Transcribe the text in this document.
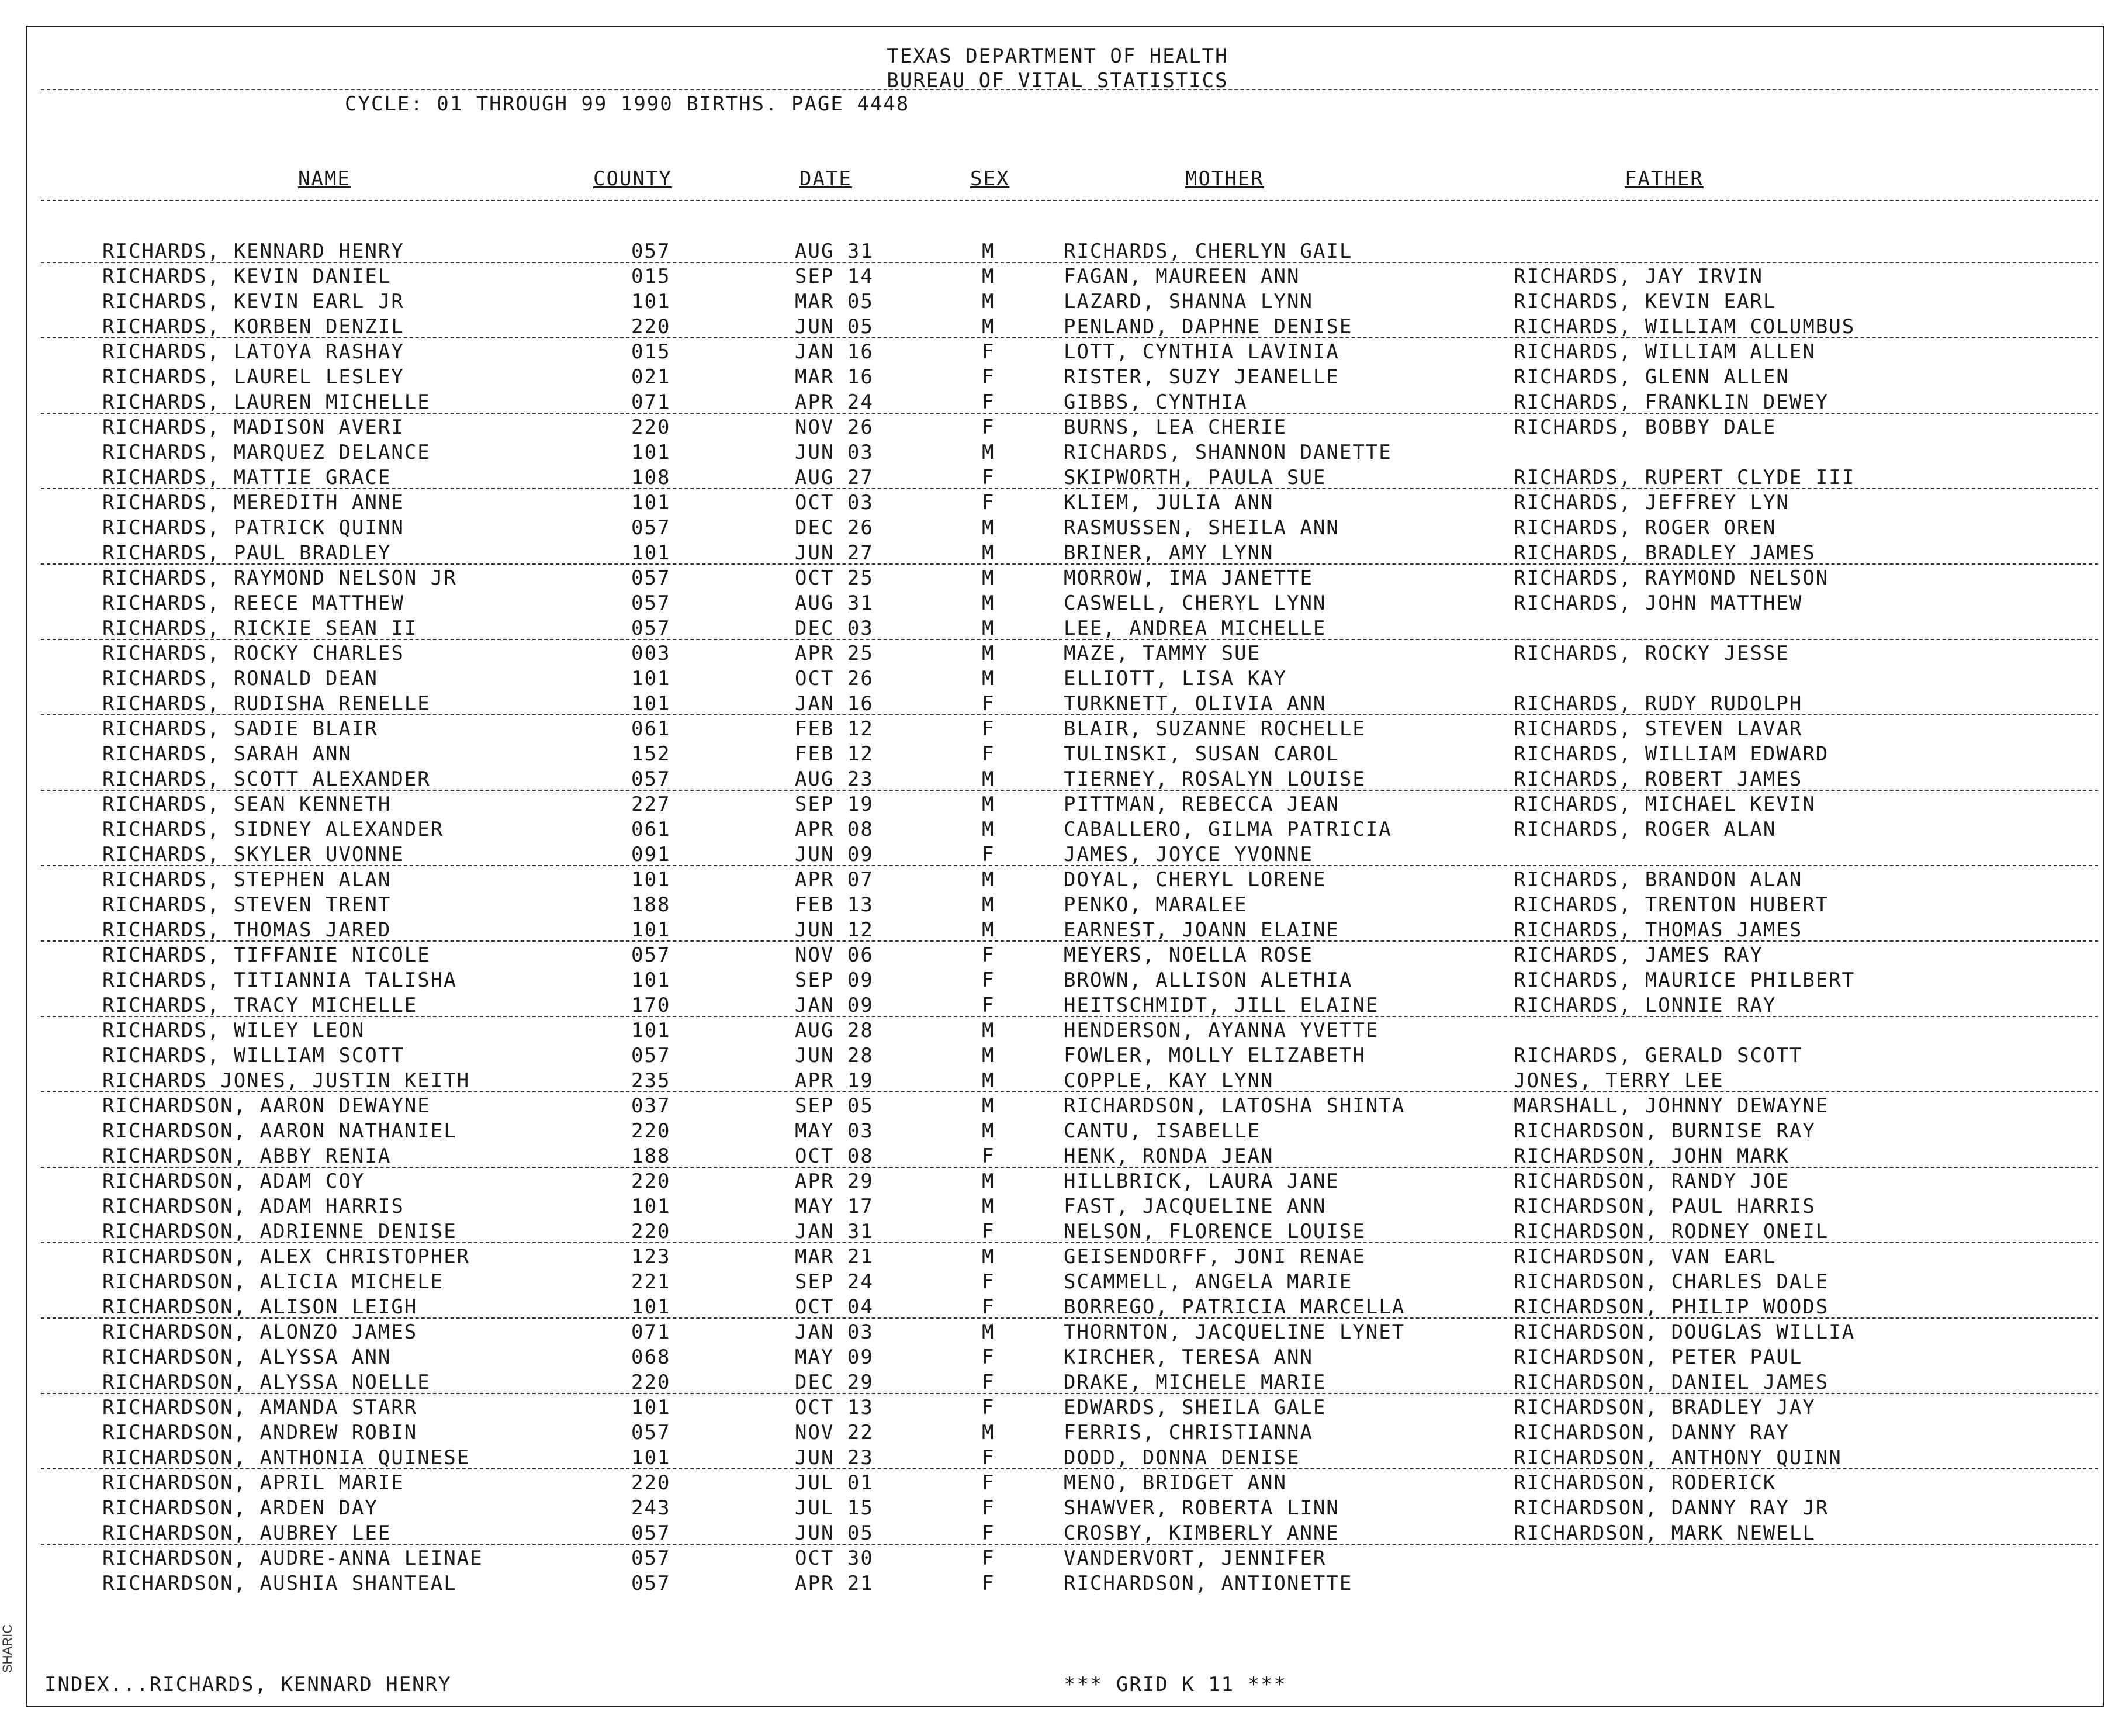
SHARIC
TEXAS DEPARTMENT OF HEALTH
BUREAU OF VITAL STATISTICS
CYCLE: 01 THROUGH 99 1990 BIRTHS. PAGE 4448
NAME	COUNTY	DATE	SEX	MOTHER	FATHER
RICHARDS, KENNARD HENRY	057	AUG 31	M	RICHARDS, CHERLYN GAIL
RICHARDS, KEVIN DANIEL	015	SEP 14	M	FAGAN, MAUREEN ANN	RICHARDS, JAY IRVIN
RICHARDS, KEVIN EARL JR	101	MAR 05	M	LAZARD, SHANNA LYNN	RICHARDS, KEVIN EARL
RICHARDS, KORBEN DENZIL	220	JUN 05	M	PENLAND, DAPHNE DENISE	RICHARDS, WILLIAM COLUMBUS
RICHARDS, LATOYA RASHAY	015	JAN 16	F	LOTT, CYNTHIA LAVINIA	RICHARDS, WILLIAM ALLEN
RICHARDS, LAUREL LESLEY	021	MAR 16	F	RISTER, SUZY JEANELLE	RICHARDS, GLENN ALLEN
RICHARDS, LAUREN MICHELLE	071	APR 24	F	GIBBS, CYNTHIA	RICHARDS, FRANKLIN DEWEY
RICHARDS, MADISON AVERI	220	NOV 26	F	BURNS, LEA CHERIE	RICHARDS, BOBBY DALE
RICHARDS, MARQUEZ DELANCE	101	JUN 03	M	RICHARDS, SHANNON DANETTE
RICHARDS, MATTIE GRACE	108	AUG 27	F	SKIPWORTH, PAULA SUE	RICHARDS, RUPERT CLYDE III
RICHARDS, MEREDITH ANNE	101	OCT 03	F	KLIEM, JULIA ANN	RICHARDS, JEFFREY LYN
RICHARDS, PATRICK QUINN	057	DEC 26	M	RASMUSSEN, SHEILA ANN	RICHARDS, ROGER OREN
RICHARDS, PAUL BRADLEY	101	JUN 27	M	BRINER, AMY LYNN	RICHARDS, BRADLEY JAMES
RICHARDS, RAYMOND NELSON JR	057	OCT 25	M	MORROW, IMA JANETTE	RICHARDS, RAYMOND NELSON
RICHARDS, REECE MATTHEW	057	AUG 31	M	CASWELL, CHERYL LYNN	RICHARDS, JOHN MATTHEW
RICHARDS, RICKIE SEAN II	057	DEC 03	M	LEE, ANDREA MICHELLE
RICHARDS, ROCKY CHARLES	003	APR 25	M	MAZE, TAMMY SUE	RICHARDS, ROCKY JESSE
RICHARDS, RONALD DEAN	101	OCT 26	M	ELLIOTT, LISA KAY
RICHARDS, RUDISHA RENELLE	101	JAN 16	F	TURKNETT, OLIVIA ANN	RICHARDS, RUDY RUDOLPH
RICHARDS, SADIE BLAIR	061	FEB 12	F	BLAIR, SUZANNE ROCHELLE	RICHARDS, STEVEN LAVAR
RICHARDS, SARAH ANN	152	FEB 12	F	TULINSKI, SUSAN CAROL	RICHARDS, WILLIAM EDWARD
RICHARDS, SCOTT ALEXANDER	057	AUG 23	M	TIERNEY, ROSALYN LOUISE	RICHARDS, ROBERT JAMES
RICHARDS, SEAN KENNETH	227	SEP 19	M	PITTMAN, REBECCA JEAN	RICHARDS, MICHAEL KEVIN
RICHARDS, SIDNEY ALEXANDER	061	APR 08	M	CABALLERO, GILMA PATRICIA	RICHARDS, ROGER ALAN
RICHARDS, SKYLER UVONNE	091	JUN 09	F	JAMES, JOYCE YVONNE
RICHARDS, STEPHEN ALAN	101	APR 07	M	DOYAL, CHERYL LORENE	RICHARDS, BRANDON ALAN
RICHARDS, STEVEN TRENT	188	FEB 13	M	PENKO, MARALEE	RICHARDS, TRENTON HUBERT
RICHARDS, THOMAS JARED	101	JUN 12	M	EARNEST, JOANN ELAINE	RICHARDS, THOMAS JAMES
RICHARDS, TIFFANIE NICOLE	057	NOV 06	F	MEYERS, NOELLA ROSE	RICHARDS, JAMES RAY
RICHARDS, TITIANNIA TALISHA	101	SEP 09	F	BROWN, ALLISON ALETHIA	RICHARDS, MAURICE PHILBERT
RICHARDS, TRACY MICHELLE	170	JAN 09	F	HEITSCHMIDT, JILL ELAINE	RICHARDS, LONNIE RAY
RICHARDS, WILEY LEON	101	AUG 28	M	HENDERSON, AYANNA YVETTE
RICHARDS, WILLIAM SCOTT	057	JUN 28	M	FOWLER, MOLLY ELIZABETH	RICHARDS, GERALD SCOTT
RICHARDS JONES, JUSTIN KEITH	235	APR 19	M	COPPLE, KAY LYNN	JONES, TERRY LEE
RICHARDSON, AARON DEWAYNE	037	SEP 05	M	RICHARDSON, LATOSHA SHINTA	MARSHALL, JOHNNY DEWAYNE
RICHARDSON, AARON NATHANIEL	220	MAY 03	M	CANTU, ISABELLE	RICHARDSON, BURNISE RAY
RICHARDSON, ABBY RENIA	188	OCT 08	F	HENK, RONDA JEAN	RICHARDSON, JOHN MARK
RICHARDSON, ADAM COY	220	APR 29	M	HILLBRICK, LAURA JANE	RICHARDSON, RANDY JOE
RICHARDSON, ADAM HARRIS	101	MAY 17	M	FAST, JACQUELINE ANN	RICHARDSON, PAUL HARRIS
RICHARDSON, ADRIENNE DENISE	220	JAN 31	F	NELSON, FLORENCE LOUISE	RICHARDSON, RODNEY ONEIL
RICHARDSON, ALEX CHRISTOPHER	123	MAR 21	M	GEISENDORFF, JONI RENAE	RICHARDSON, VAN EARL
RICHARDSON, ALICIA MICHELE	221	SEP 24	F	SCAMMELL, ANGELA MARIE	RICHARDSON, CHARLES DALE
RICHARDSON, ALISON LEIGH	101	OCT 04	F	BORREGO, PATRICIA MARCELLA	RICHARDSON, PHILIP WOODS
RICHARDSON, ALONZO JAMES	071	JAN 03	M	THORNTON, JACQUELINE LYNET	RICHARDSON, DOUGLAS WILLIA
RICHARDSON, ALYSSA ANN	068	MAY 09	F	KIRCHER, TERESA ANN	RICHARDSON, PETER PAUL
RICHARDSON, ALYSSA NOELLE	220	DEC 29	F	DRAKE, MICHELE MARIE	RICHARDSON, DANIEL JAMES
RICHARDSON, AMANDA STARR	101	OCT 13	F	EDWARDS, SHEILA GALE	RICHARDSON, BRADLEY JAY
RICHARDSON, ANDREW ROBIN	057	NOV 22	M	FERRIS, CHRISTIANNA	RICHARDSON, DANNY RAY
RICHARDSON, ANTHONIA QUINESE	101	JUN 23	F	DODD, DONNA DENISE	RICHARDSON, ANTHONY QUINN
RICHARDSON, APRIL MARIE	220	JUL 01	F	MENO, BRIDGET ANN	RICHARDSON, RODERICK
RICHARDSON, ARDEN DAY	243	JUL 15	F	SHAWVER, ROBERTA LINN	RICHARDSON, DANNY RAY JR
RICHARDSON, AUBREY LEE	057	JUN 05	F	CROSBY, KIMBERLY ANNE	RICHARDSON, MARK NEWELL
RICHARDSON, AUDRE-ANNA LEINAE	057	OCT 30	F	VANDERVORT, JENNIFER
RICHARDSON, AUSHIA SHANTEAL	057	APR 21	F	RICHARDSON, ANTIONETTE
INDEX...RICHARDS, KENNARD HENRY	*** GRID K 11 ***
